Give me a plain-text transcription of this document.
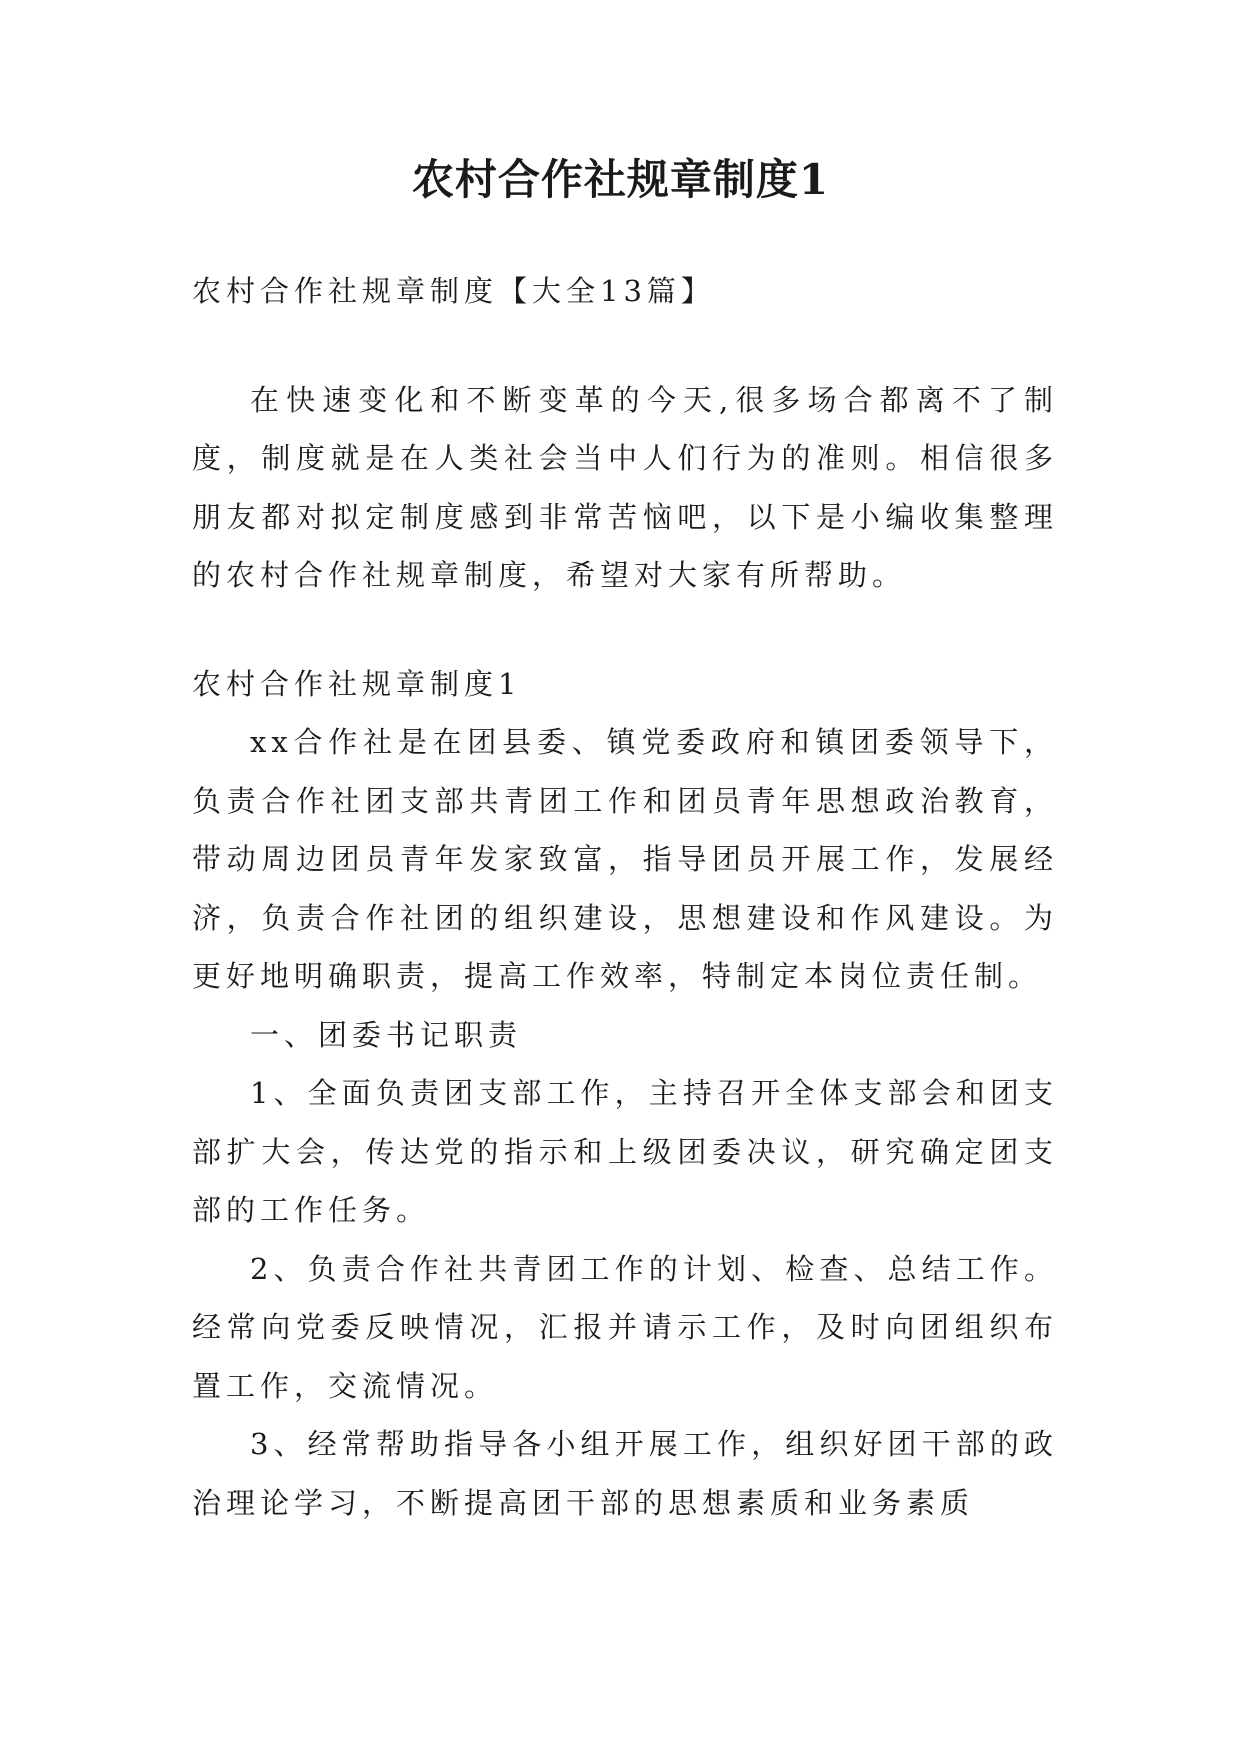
农村合作社规章制度1

农村合作社规章制度【大全13篇】

在快速变化和不断变革的今天,很多场合都离不了制度，制度就是在人类社会当中人们行为的准则。相信很多朋友都对拟定制度感到非常苦恼吧，以下是小编收集整理的农村合作社规章制度，希望对大家有所帮助。

农村合作社规章制度1

xx合作社是在团县委、镇党委政府和镇团委领导下，负责合作社团支部共青团工作和团员青年思想政治教育，带动周边团员青年发家致富，指导团员开展工作，发展经济，负责合作社团的组织建设，思想建设和作风建设。为更好地明确职责，提高工作效率，特制定本岗位责任制。

一、团委书记职责

1、全面负责团支部工作，主持召开全体支部会和团支部扩大会，传达党的指示和上级团委决议，研究确定团支部的工作任务。

2、负责合作社共青团工作的计划、检查、总结工作。经常向党委反映情况，汇报并请示工作，及时向团组织布置工作，交流情况。

3、经常帮助指导各小组开展工作，组织好团干部的政治理论学习，不断提高团干部的思想素质和业务素质
